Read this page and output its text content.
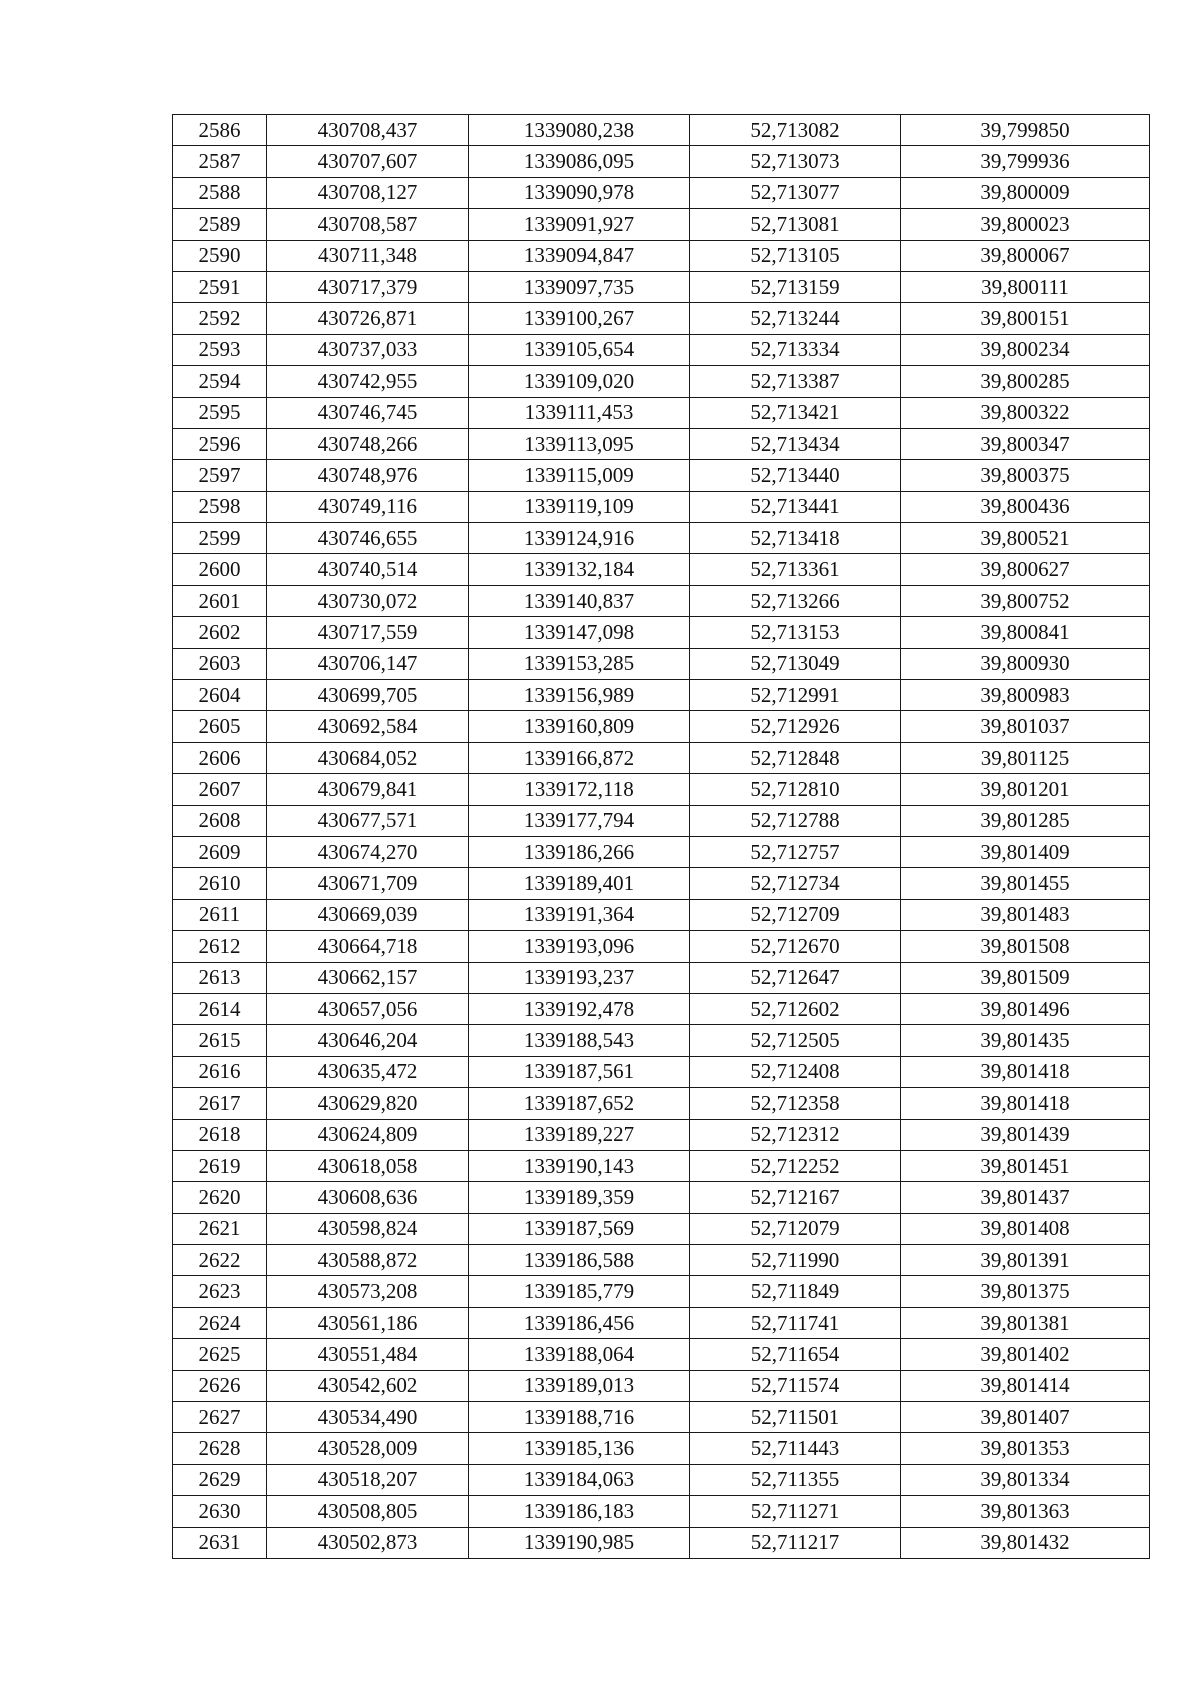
2586	430708,437	1339080,238	52,713082	39,799850
2587	430707,607	1339086,095	52,713073	39,799936
2588	430708,127	1339090,978	52,713077	39,800009
2589	430708,587	1339091,927	52,713081	39,800023
2590	430711,348	1339094,847	52,713105	39,800067
2591	430717,379	1339097,735	52,713159	39,800111
2592	430726,871	1339100,267	52,713244	39,800151
2593	430737,033	1339105,654	52,713334	39,800234
2594	430742,955	1339109,020	52,713387	39,800285
2595	430746,745	1339111,453	52,713421	39,800322
2596	430748,266	1339113,095	52,713434	39,800347
2597	430748,976	1339115,009	52,713440	39,800375
2598	430749,116	1339119,109	52,713441	39,800436
2599	430746,655	1339124,916	52,713418	39,800521
2600	430740,514	1339132,184	52,713361	39,800627
2601	430730,072	1339140,837	52,713266	39,800752
2602	430717,559	1339147,098	52,713153	39,800841
2603	430706,147	1339153,285	52,713049	39,800930
2604	430699,705	1339156,989	52,712991	39,800983
2605	430692,584	1339160,809	52,712926	39,801037
2606	430684,052	1339166,872	52,712848	39,801125
2607	430679,841	1339172,118	52,712810	39,801201
2608	430677,571	1339177,794	52,712788	39,801285
2609	430674,270	1339186,266	52,712757	39,801409
2610	430671,709	1339189,401	52,712734	39,801455
2611	430669,039	1339191,364	52,712709	39,801483
2612	430664,718	1339193,096	52,712670	39,801508
2613	430662,157	1339193,237	52,712647	39,801509
2614	430657,056	1339192,478	52,712602	39,801496
2615	430646,204	1339188,543	52,712505	39,801435
2616	430635,472	1339187,561	52,712408	39,801418
2617	430629,820	1339187,652	52,712358	39,801418
2618	430624,809	1339189,227	52,712312	39,801439
2619	430618,058	1339190,143	52,712252	39,801451
2620	430608,636	1339189,359	52,712167	39,801437
2621	430598,824	1339187,569	52,712079	39,801408
2622	430588,872	1339186,588	52,711990	39,801391
2623	430573,208	1339185,779	52,711849	39,801375
2624	430561,186	1339186,456	52,711741	39,801381
2625	430551,484	1339188,064	52,711654	39,801402
2626	430542,602	1339189,013	52,711574	39,801414
2627	430534,490	1339188,716	52,711501	39,801407
2628	430528,009	1339185,136	52,711443	39,801353
2629	430518,207	1339184,063	52,711355	39,801334
2630	430508,805	1339186,183	52,711271	39,801363
2631	430502,873	1339190,985	52,711217	39,801432
